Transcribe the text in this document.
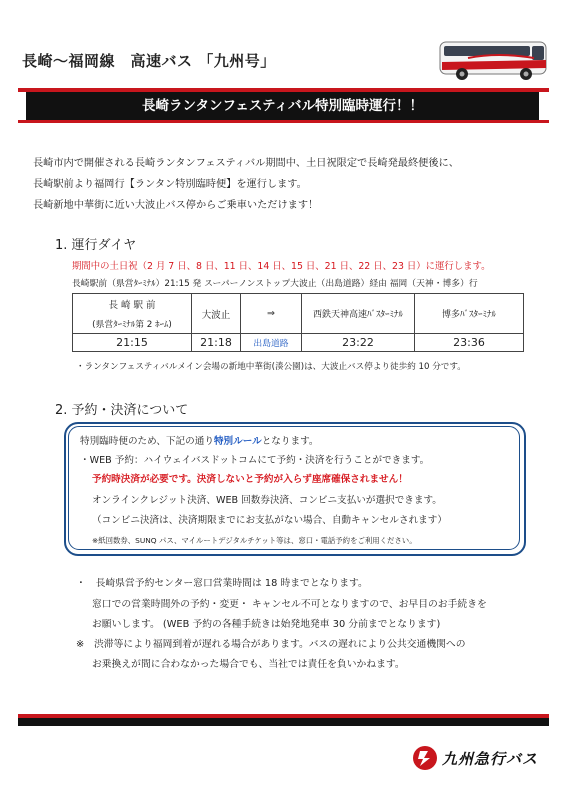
長崎～福岡線　高速バス 「九州号」
長崎ランタンフェスティバル特別臨時運行！！
長崎市内で開催される長崎ランタンフェスティバル期間中、土日祝限定で長崎発最終便後に、
長崎駅前より福岡行【ランタン特別臨時便】を運行します。
長崎新地中華街に近い大波止バス停からご乗車いただけます！
1. 運行ダイヤ
期間中の土日祝（2 月 7 日、8 日、11 日、14 日、15 日、21 日、22 日、23 日）に運行します。
長崎駅前（県営ﾀｰﾐﾅﾙ）21:15 発 スーパーノンストップ大波止（出島道路）経由 福岡（天神・博多）行
長 崎 駅 前
(県営ﾀｰﾐﾅﾙ第 2 ﾎｰﾑ)	大波止	⇒	西鉄天神高速ﾊﾞｽﾀｰﾐﾅﾙ	博多ﾊﾞｽﾀｰﾐﾅﾙ
21:15	21:18	出島道路	23:22	23:36
・ランタンフェスティバルメイン会場の新地中華街(湊公園)は、大波止バス停より徒歩約 10 分です。
2. 予約・決済について
特別臨時便のため、下記の通り特別ルールとなります。
・WEB 予約：ハイウェイバスドットコムにて予約・決済を行うことができます。
予約時決済が必要です。決済しないと予約が入らず座席確保されません！
オンラインクレジット決済、WEB 回数券決済、コンビニ支払いが選択できます。
（コンビニ決済は、決済期限までにお支払がない場合、自動キャンセルされます）
※紙回数券、SUNQ パス、マイルートデジタルチケット等は、窓口・電話予約をご利用ください。
・　長崎県営予約センター窓口営業時間は 18 時までとなります。
窓口での営業時間外の予約・変更・ キャンセル不可となりますので、お早目のお手続きを
お願いします。 (WEB 予約の各種手続きは始発地発車 30 分前までとなります)
※　渋滞等により福岡到着が遅れる場合があります。バスの遅れにより公共交通機関への
お乗換えが間に合わなかった場合でも、当社では責任を負いかねます。
九州急行バス
